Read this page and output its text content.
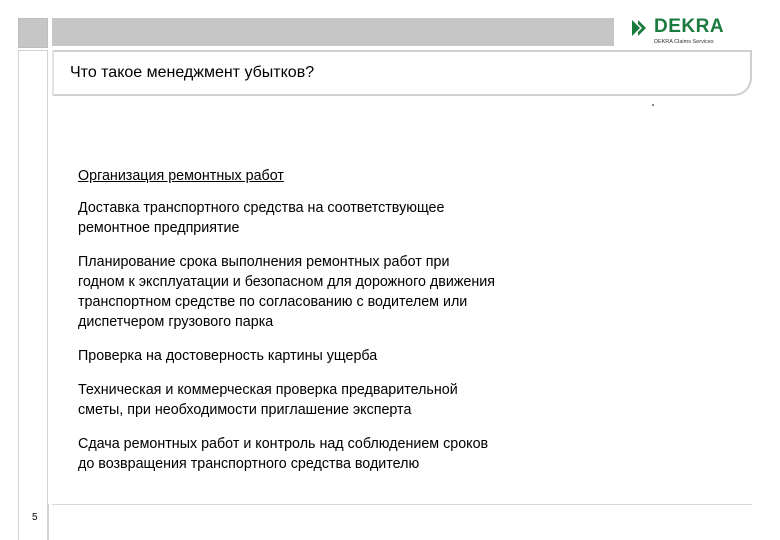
DEKRA
DEKRA Claims Services
Что такое менеджмент убытков?
Организация ремонтных работ
Доставка транспортного средства на соответствующее
ремонтное предприятие
Планирование срока выполнения ремонтных работ при
годном к эксплуатации и безопасном для дорожного движения
транспортном средстве по согласованию с водителем или
диспетчером грузового парка
Проверка на достоверность картины ущерба
Техническая и коммерческая проверка предварительной
сметы, при необходимости приглашение эксперта
Сдача ремонтных работ и контроль над соблюдением сроков
до возвращения транспортного средства водителю
5
